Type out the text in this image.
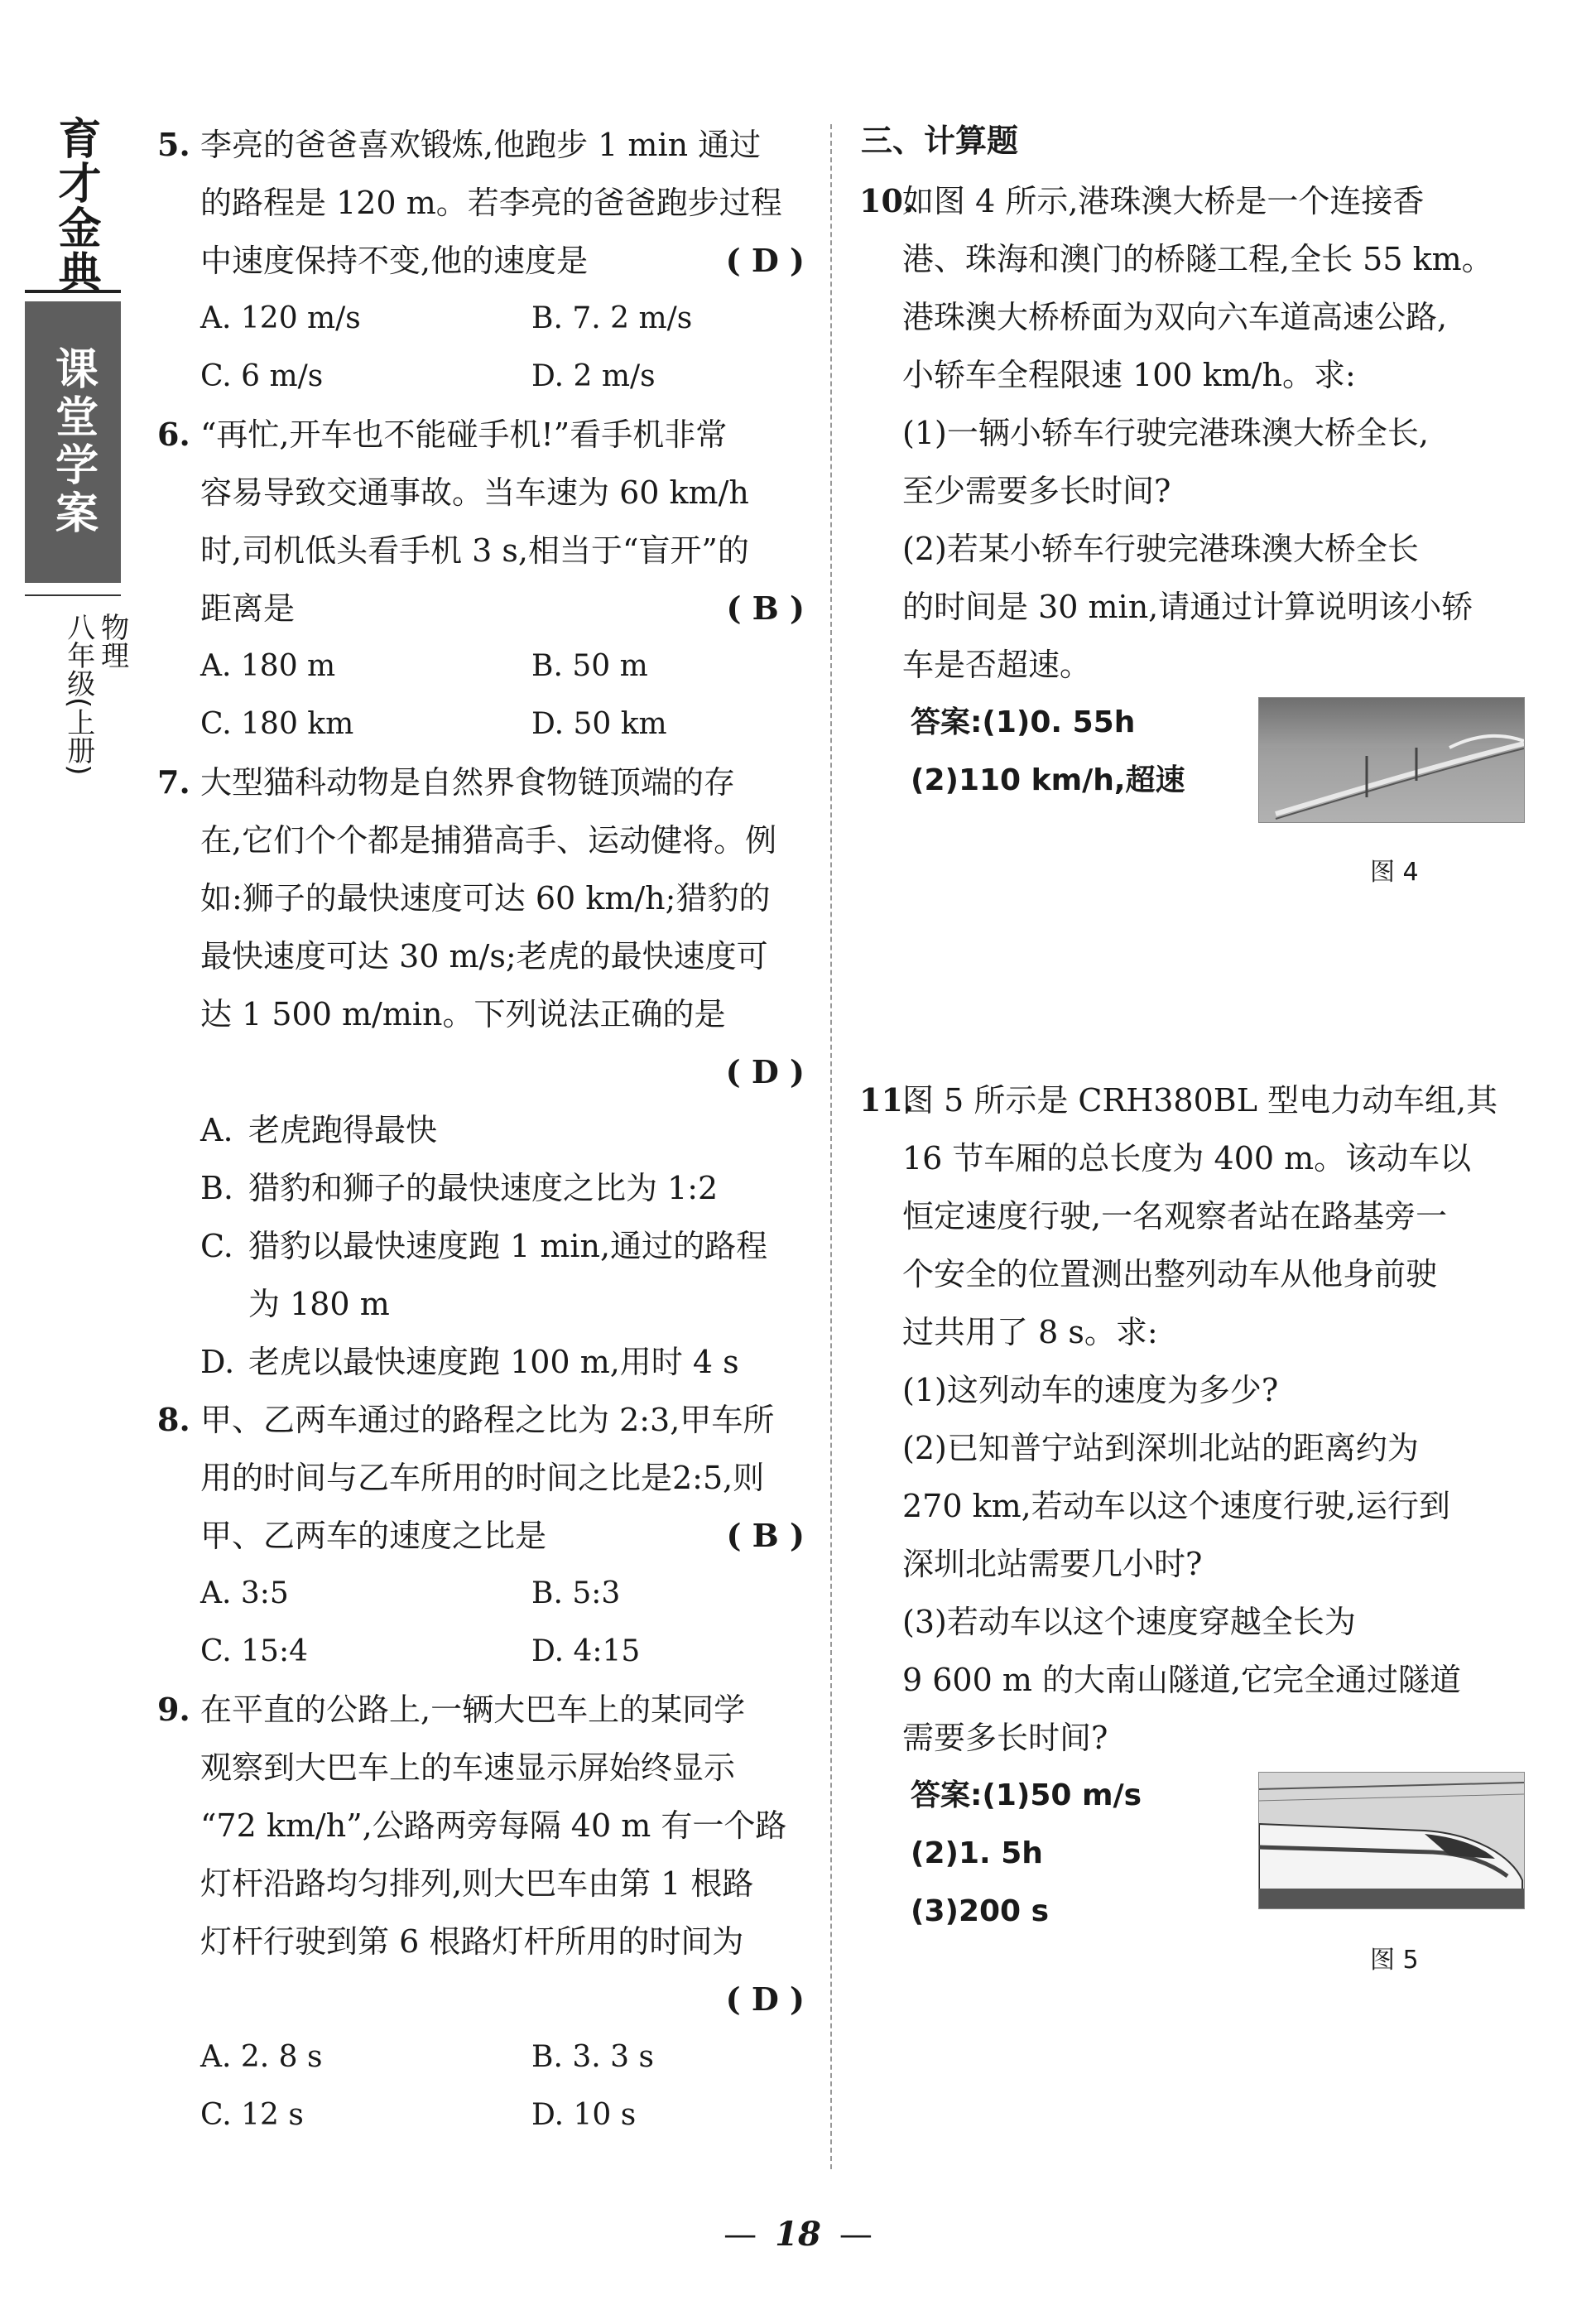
育才金典
课堂学案
物理
八年级(上册)
5. 李亮的爸爸喜欢锻炼,他跑步 1 min 通过
的路程是 120 m。若李亮的爸爸跑步过程
中速度保持不变,他的速度是	( D )
A. 120 m/s	B. 7. 2 m/s
C. 6 m/s	D. 2 m/s
6. “再忙,开车也不能碰手机!”看手机非常
容易导致交通事故。当车速为 60 km/h
时,司机低头看手机 3 s,相当于“盲开”的
距离是	( B )
A. 180 m	B. 50 m
C. 180 km	D. 50 km
7. 大型猫科动物是自然界食物链顶端的存
在,它们个个都是捕猎高手、运动健将。例
如:狮子的最快速度可达 60 km/h;猎豹的
最快速度可达 30 m/s;老虎的最快速度可
达 1 500 m/min。下列说法正确的是
( D )
A. 老虎跑得最快
B. 猎豹和狮子的最快速度之比为 1:2
C. 猎豹以最快速度跑 1 min,通过的路程
为 180 m
D. 老虎以最快速度跑 100 m,用时 4 s
8. 甲、乙两车通过的路程之比为 2:3,甲车所
用的时间与乙车所用的时间之比是2:5,则
甲、乙两车的速度之比是	( B )
A. 3:5	B. 5:3
C. 15:4	D. 4:15
9. 在平直的公路上,一辆大巴车上的某同学
观察到大巴车上的车速显示屏始终显示
“72 km/h”,公路两旁每隔 40 m 有一个路
灯杆沿路均匀排列,则大巴车由第 1 根路
灯杆行驶到第 6 根路灯杆所用的时间为
( D )
A. 2. 8 s	B. 3. 3 s
C. 12 s	D. 10 s
三、计算题
10.
如图 4 所示,港珠澳大桥是一个连接香
港、珠海和澳门的桥隧工程,全长 55 km。
港珠澳大桥桥面为双向六车道高速公路,
小轿车全程限速 100 km/h。求:
(1)一辆小轿车行驶完港珠澳大桥全长,
至少需要多长时间?
(2)若某小轿车行驶完港珠澳大桥全长
的时间是 30 min,请通过计算说明该小轿
车是否超速。
答案:(1)0. 55h
(2)110 km/h,超速
图 4
11.
图 5 所示是 CRH380BL 型电力动车组,其
16 节车厢的总长度为 400 m。该动车以
恒定速度行驶,一名观察者站在路基旁一
个安全的位置测出整列动车从他身前驶
过共用了 8 s。求:
(1)这列动车的速度为多少?
(2)已知普宁站到深圳北站的距离约为
270 km,若动车以这个速度行驶,运行到
深圳北站需要几小时?
(3)若动车以这个速度穿越全长为
9 600 m 的大南山隧道,它完全通过隧道
需要多长时间?
答案:(1)50 m/s
(2)1. 5h
(3)200 s
图 5
— 18 —
